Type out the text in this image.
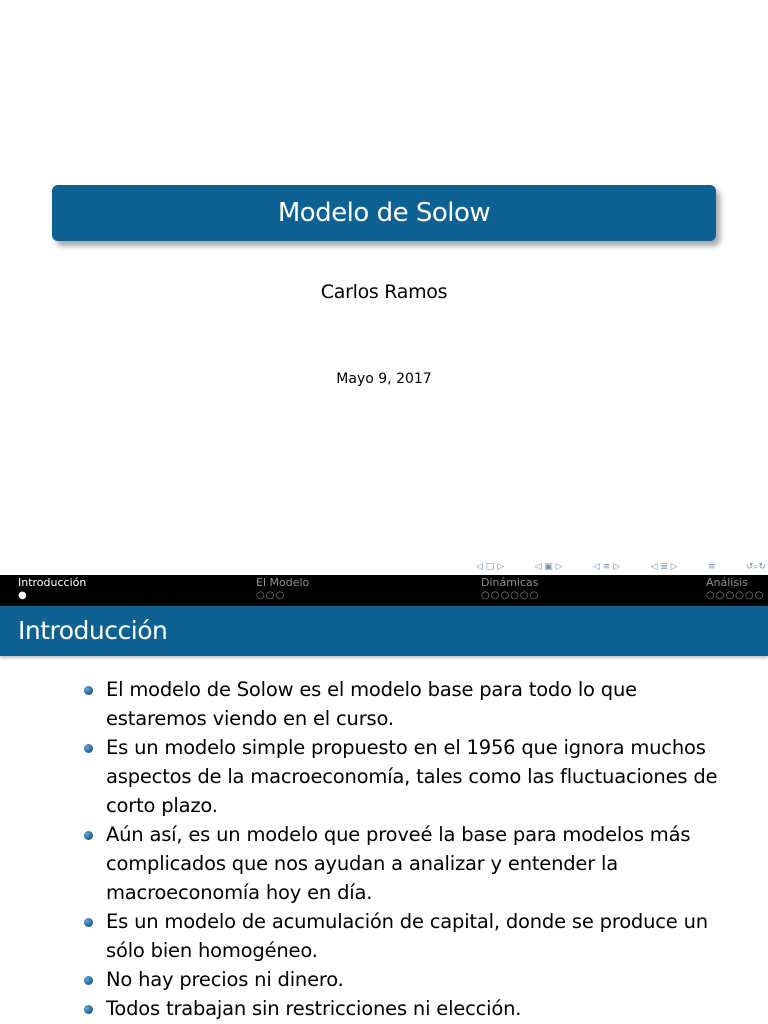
Modelo de Solow
Carlos Ramos
Mayo 9, 2017
◁ □ ▷	◁ ▣ ▷	◁ ≡ ▷	◁ ≣ ▷	≡	↺⌕↻
Introducción
●
El Modelo
○○○
Dinámicas
○○○○○○
Análisis
○○○○○○
Introducción
El modelo de Solow es el modelo base para todo lo que estaremos viendo en el curso.
Es un modelo simple propuesto en el 1956 que ignora muchos aspectos de la macroeconomía, tales como las fluctuaciones de corto plazo.
Aún así, es un modelo que proveé la base para modelos más complicados que nos ayudan a analizar y entender la macroeconomía hoy en día.
Es un modelo de acumulación de capital, donde se produce un sólo bien homogéneo.
No hay precios ni dinero.
Todos trabajan sin restricciones ni elección.
